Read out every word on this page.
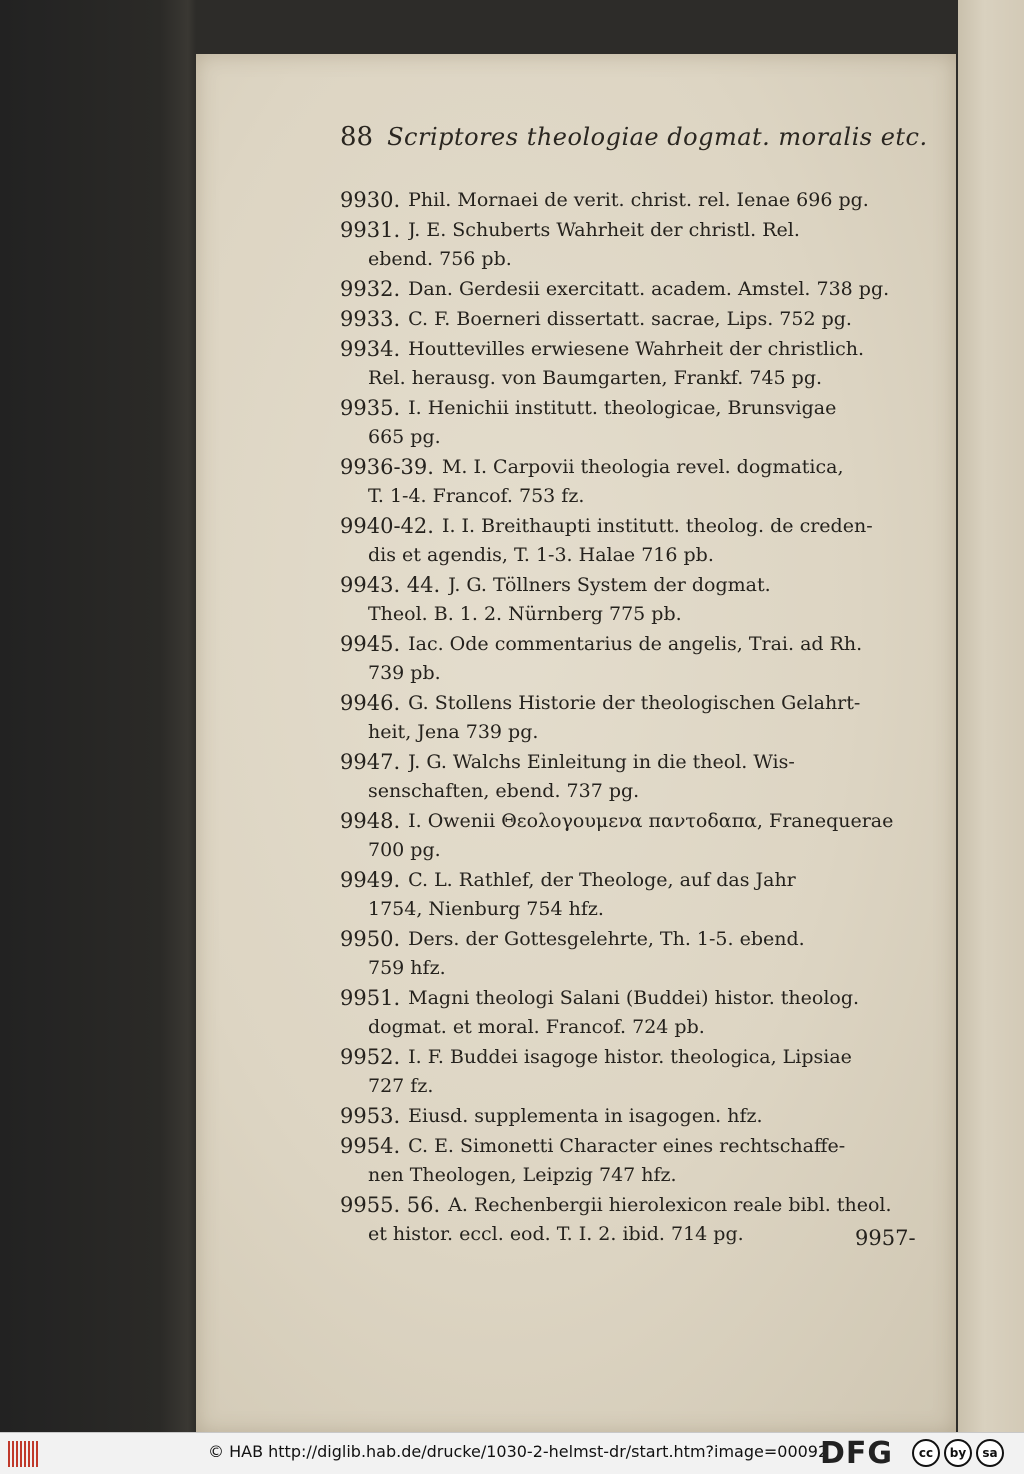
88 Scriptores theologiae dogmat. moralis etc.
9930. Phil. Mornaei de verit. christ. rel. Ienae 696 pg.
9931. J. E. Schuberts Wahrheit der christl. Rel.
ebend. 756 pb.
9932. Dan. Gerdesii exercitatt. academ. Amstel. 738 pg.
9933. C. F. Boerneri dissertatt. sacrae, Lips. 752 pg.
9934. Houttevilles erwiesene Wahrheit der christlich.
Rel. herausg. von Baumgarten, Frankf. 745 pg.
9935. I. Henichii institutt. theologicae, Brunsvigae
665 pg.
9936-39. M. I. Carpovii theologia revel. dogmatica,
T. 1-4. Francof. 753 fz.
9940-42. I. I. Breithaupti institutt. theolog. de creden-
dis et agendis, T. 1-3. Halae 716 pb.
9943. 44. J. G. Töllners System der dogmat.
Theol. B. 1. 2. Nürnberg 775 pb.
9945. Iac. Ode commentarius de angelis, Trai. ad Rh.
739 pb.
9946. G. Stollens Historie der theologischen Gelahrt-
heit, Jena 739 pg.
9947. J. G. Walchs Einleitung in die theol. Wis-
senschaften, ebend. 737 pg.
9948. I. Owenii Θεολογουμενα παντοδαπα, Franequerae
700 pg.
9949. C. L. Rathlef, der Theologe, auf das Jahr
1754, Nienburg 754 hfz.
9950. Ders. der Gottesgelehrte, Th. 1-5. ebend.
759 hfz.
9951. Magni theologi Salani (Buddei) histor. theolog.
dogmat. et moral. Francof. 724 pb.
9952. I. F. Buddei isagoge histor. theologica, Lipsiae
727 fz.
9953. Eiusd. supplementa in isagogen. hfz.
9954. C. E. Simonetti Character eines rechtschaffe-
nen Theologen, Leipzig 747 hfz.
9955. 56. A. Rechenbergii hierolexicon reale bibl. theol.
et histor. eccl. eod. T. I. 2. ibid. 714 pg.	9957-
© HAB http://diglib.hab.de/drucke/1030-2-helmst-dr/start.htm?image=00092
DFG	cc	by	sa
